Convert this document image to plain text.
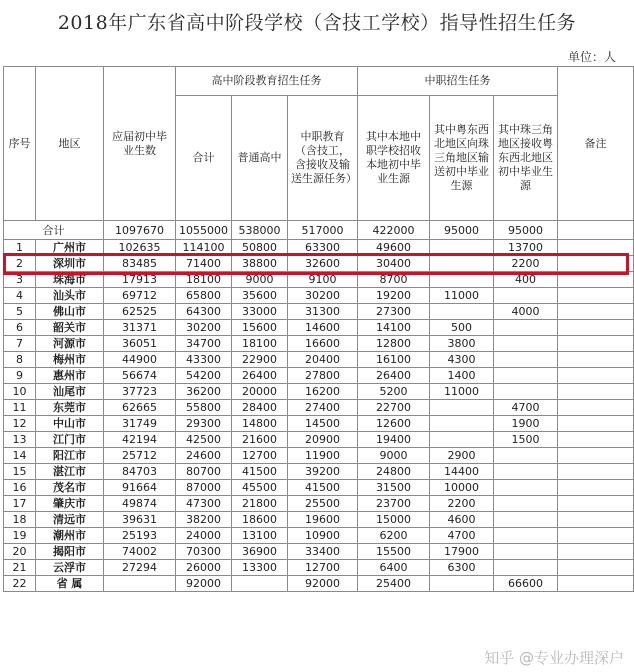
2018年广东省高中阶段学校（含技工学校）指导性招生任务
单位：人
序号	地区	应届初中毕业生数	高中阶段教育招生任务			中职招生任务			备注
			合计	普通高中	中职教育（含技工，含接收及输送生源任务）	其中本地中职学校招收本地初中毕业生源	其中粤东西北地区向珠三角地区输送初中毕业生源	其中珠三角地区接收粤东西北地区初中毕业生源	
合计		1097670	1055000	538000	517000	422000	95000	95000	
1	广州市	102635	114100	50800	63300	49600		13700	
2	深圳市	83485	71400	38800	32600	30400		2200	
3	珠海市	17913	18100	9000	9100	8700		400	
4	汕头市	69712	65800	35600	30200	19200	11000		
5	佛山市	62525	64300	33000	31300	27300		4000	
6	韶关市	31371	30200	15600	14600	14100	500		
7	河源市	36051	34700	18100	16600	12800	3800		
8	梅州市	44900	43300	22900	20400	16100	4300		
9	惠州市	56674	54200	26400	27800	26400	1400		
10	汕尾市	37723	36200	20000	16200	5200	11000		
11	东莞市	62665	55800	28400	27400	22700		4700	
12	中山市	31749	29300	14800	14500	12600		1900	
13	江门市	42194	42500	21600	20900	19400		1500	
14	阳江市	25712	24600	12700	11900	9000	2900		
15	湛江市	84703	80700	41500	39200	24800	14400		
16	茂名市	91664	87000	45500	41500	31500	10000		
17	肇庆市	49874	47300	21800	25500	23700	2200		
18	清远市	39631	38200	18600	19600	15000	4600		
19	潮州市	25193	24000	13100	10900	6200	4700		
20	揭阳市	74002	70300	36900	33400	15500	17900		
21	云浮市	27294	26000	13300	12700	6400	6300		
22	省 属		92000		92000	25400		66600	
知乎 @专业办理深户
